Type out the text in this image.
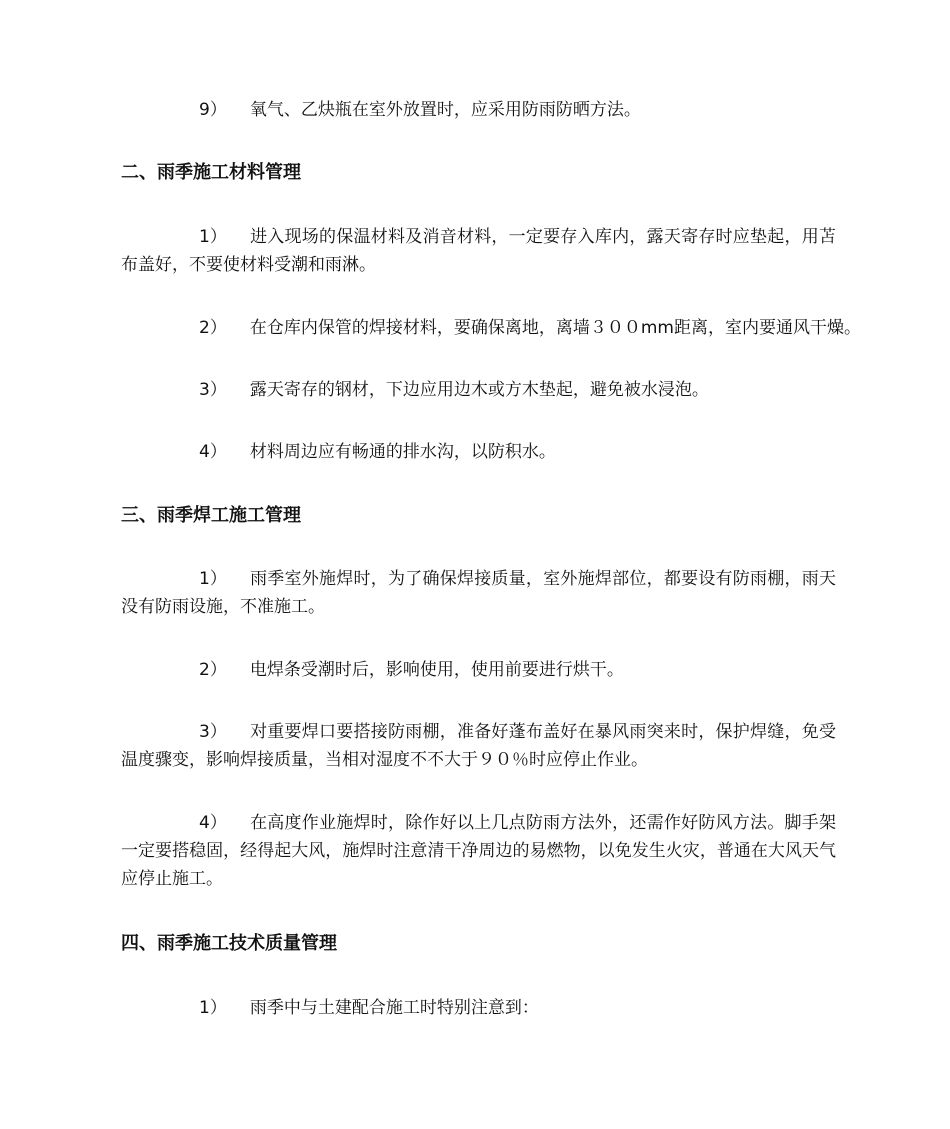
9） 氧气、乙炔瓶在室外放置时，应采用防雨防晒方法。

二、雨季施工材料管理

1） 进入现场的保温材料及消音材料，一定要存入库内，露天寄存时应垫起，用苫布盖好，不要使材料受潮和雨淋。

2） 在仓库内保管的焊接材料，要确保离地，离墙３００mm距离，室内要通风干燥。

3） 露天寄存的钢材，下边应用边木或方木垫起，避免被水浸泡。

4） 材料周边应有畅通的排水沟，以防积水。

三、雨季焊工施工管理

1） 雨季室外施焊时，为了确保焊接质量，室外施焊部位，都要设有防雨棚，雨天没有防雨设施，不准施工。

2） 电焊条受潮时后，影响使用，使用前要进行烘干。

3） 对重要焊口要搭接防雨棚，准备好蓬布盖好在暴风雨突来时，保护焊缝，免受温度骤变，影响焊接质量，当相对湿度不不大于９０％时应停止作业。

4） 在高度作业施焊时，除作好以上几点防雨方法外，还需作好防风方法。脚手架一定要搭稳固，经得起大风，施焊时注意清干净周边的易燃物，以免发生火灾，普通在大风天气应停止施工。

四、雨季施工技术质量管理

1） 雨季中与土建配合施工时特别注意到：
